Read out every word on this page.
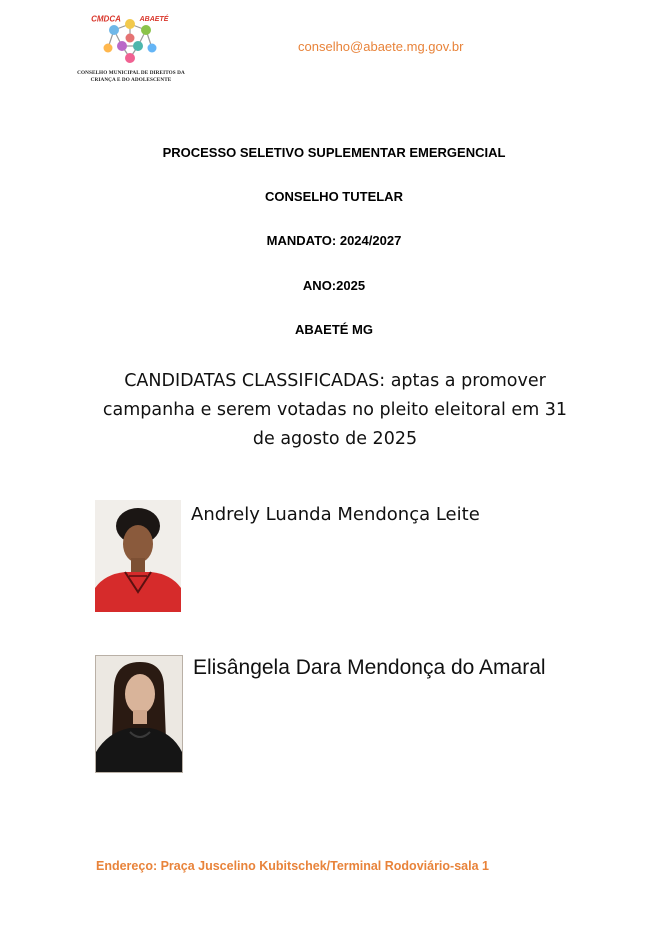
CMDCA	ABAETÉ
CONSELHO MUNICIPAL DE DIREITOS DA
CRIANÇA E DO ADOLESCENTE
conselho@abaete.mg.gov.br
PROCESSO SELETIVO SUPLEMENTAR EMERGENCIAL
CONSELHO TUTELAR
MANDATO: 2024/2027
ANO:2025
ABAETÉ MG
CANDIDATAS CLASSIFICADAS: aptas a promover campanha e serem votadas no pleito eleitoral em 31 de agosto de 2025
Andrely Luanda Mendonça Leite
Elisângela Dara Mendonça do Amaral
Endereço: Praça Juscelino Kubitschek/Terminal Rodoviário-sala 1
